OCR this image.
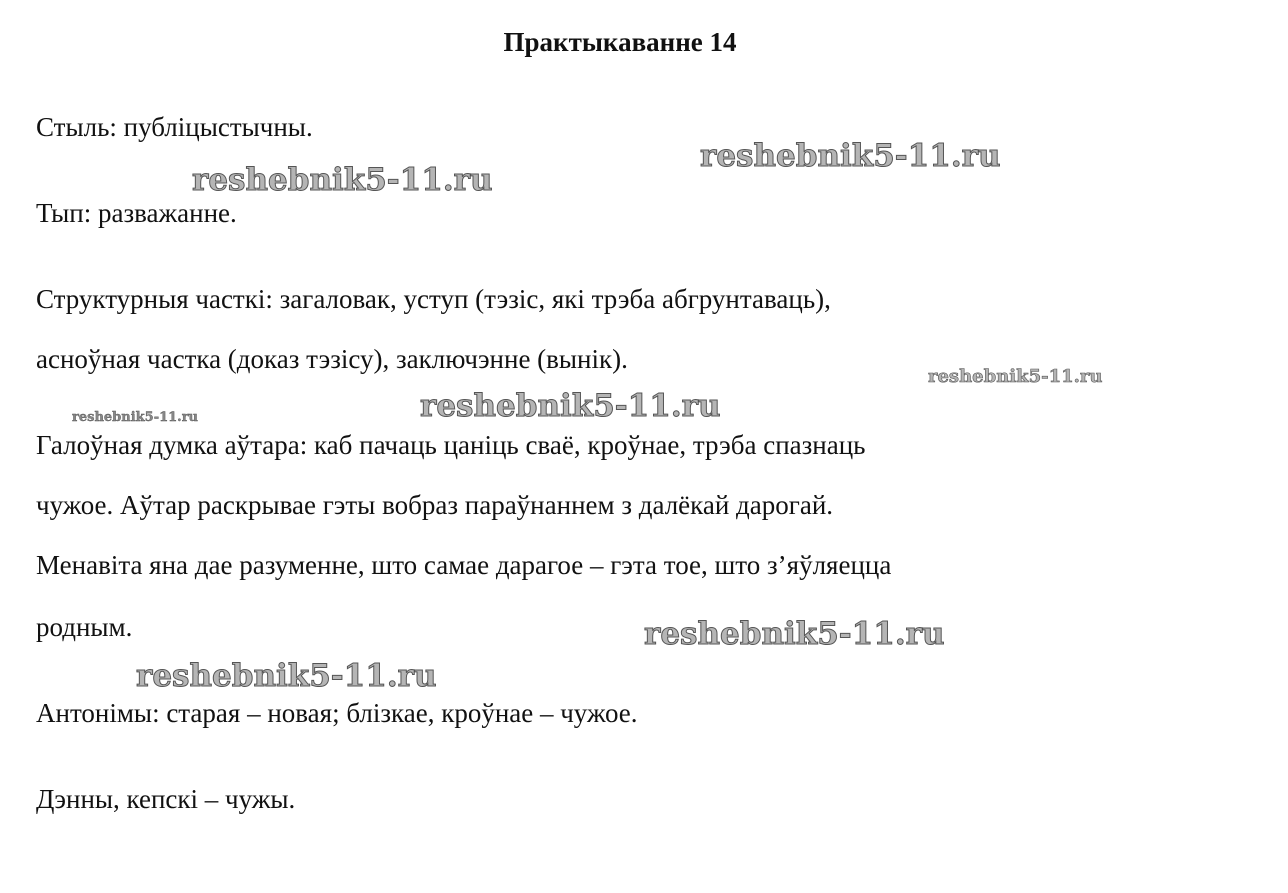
Практыкаванне 14
Стыль: публіцыстычны.
Тып: разважанне.
Структурныя часткі: загаловак, уступ (тэзіс, які трэба абгрунтаваць),
асноўная частка (доказ тэзісу), заключэнне (вынік).
Галоўная думка аўтара: каб пачаць цаніць сваё, кроўнае, трэба спазнаць
чужое. Аўтар раскрывае гэты вобраз параўнаннем з далёкай дарогай.
Менавіта яна дае разуменне, што самае дарагое – гэта тое, што з’яўляецца
родным.
Антонімы: старая – новая; блізкае, кроўнае – чужое.
Дэнны, кепскі – чужы.
reshebnik5-11.ru
reshebnik5-11.ru
reshebnik5-11.ru
reshebnik5-11.ru
reshebnik5-11.ru
reshebnik5-11.ru
reshebnik5-11.ru
